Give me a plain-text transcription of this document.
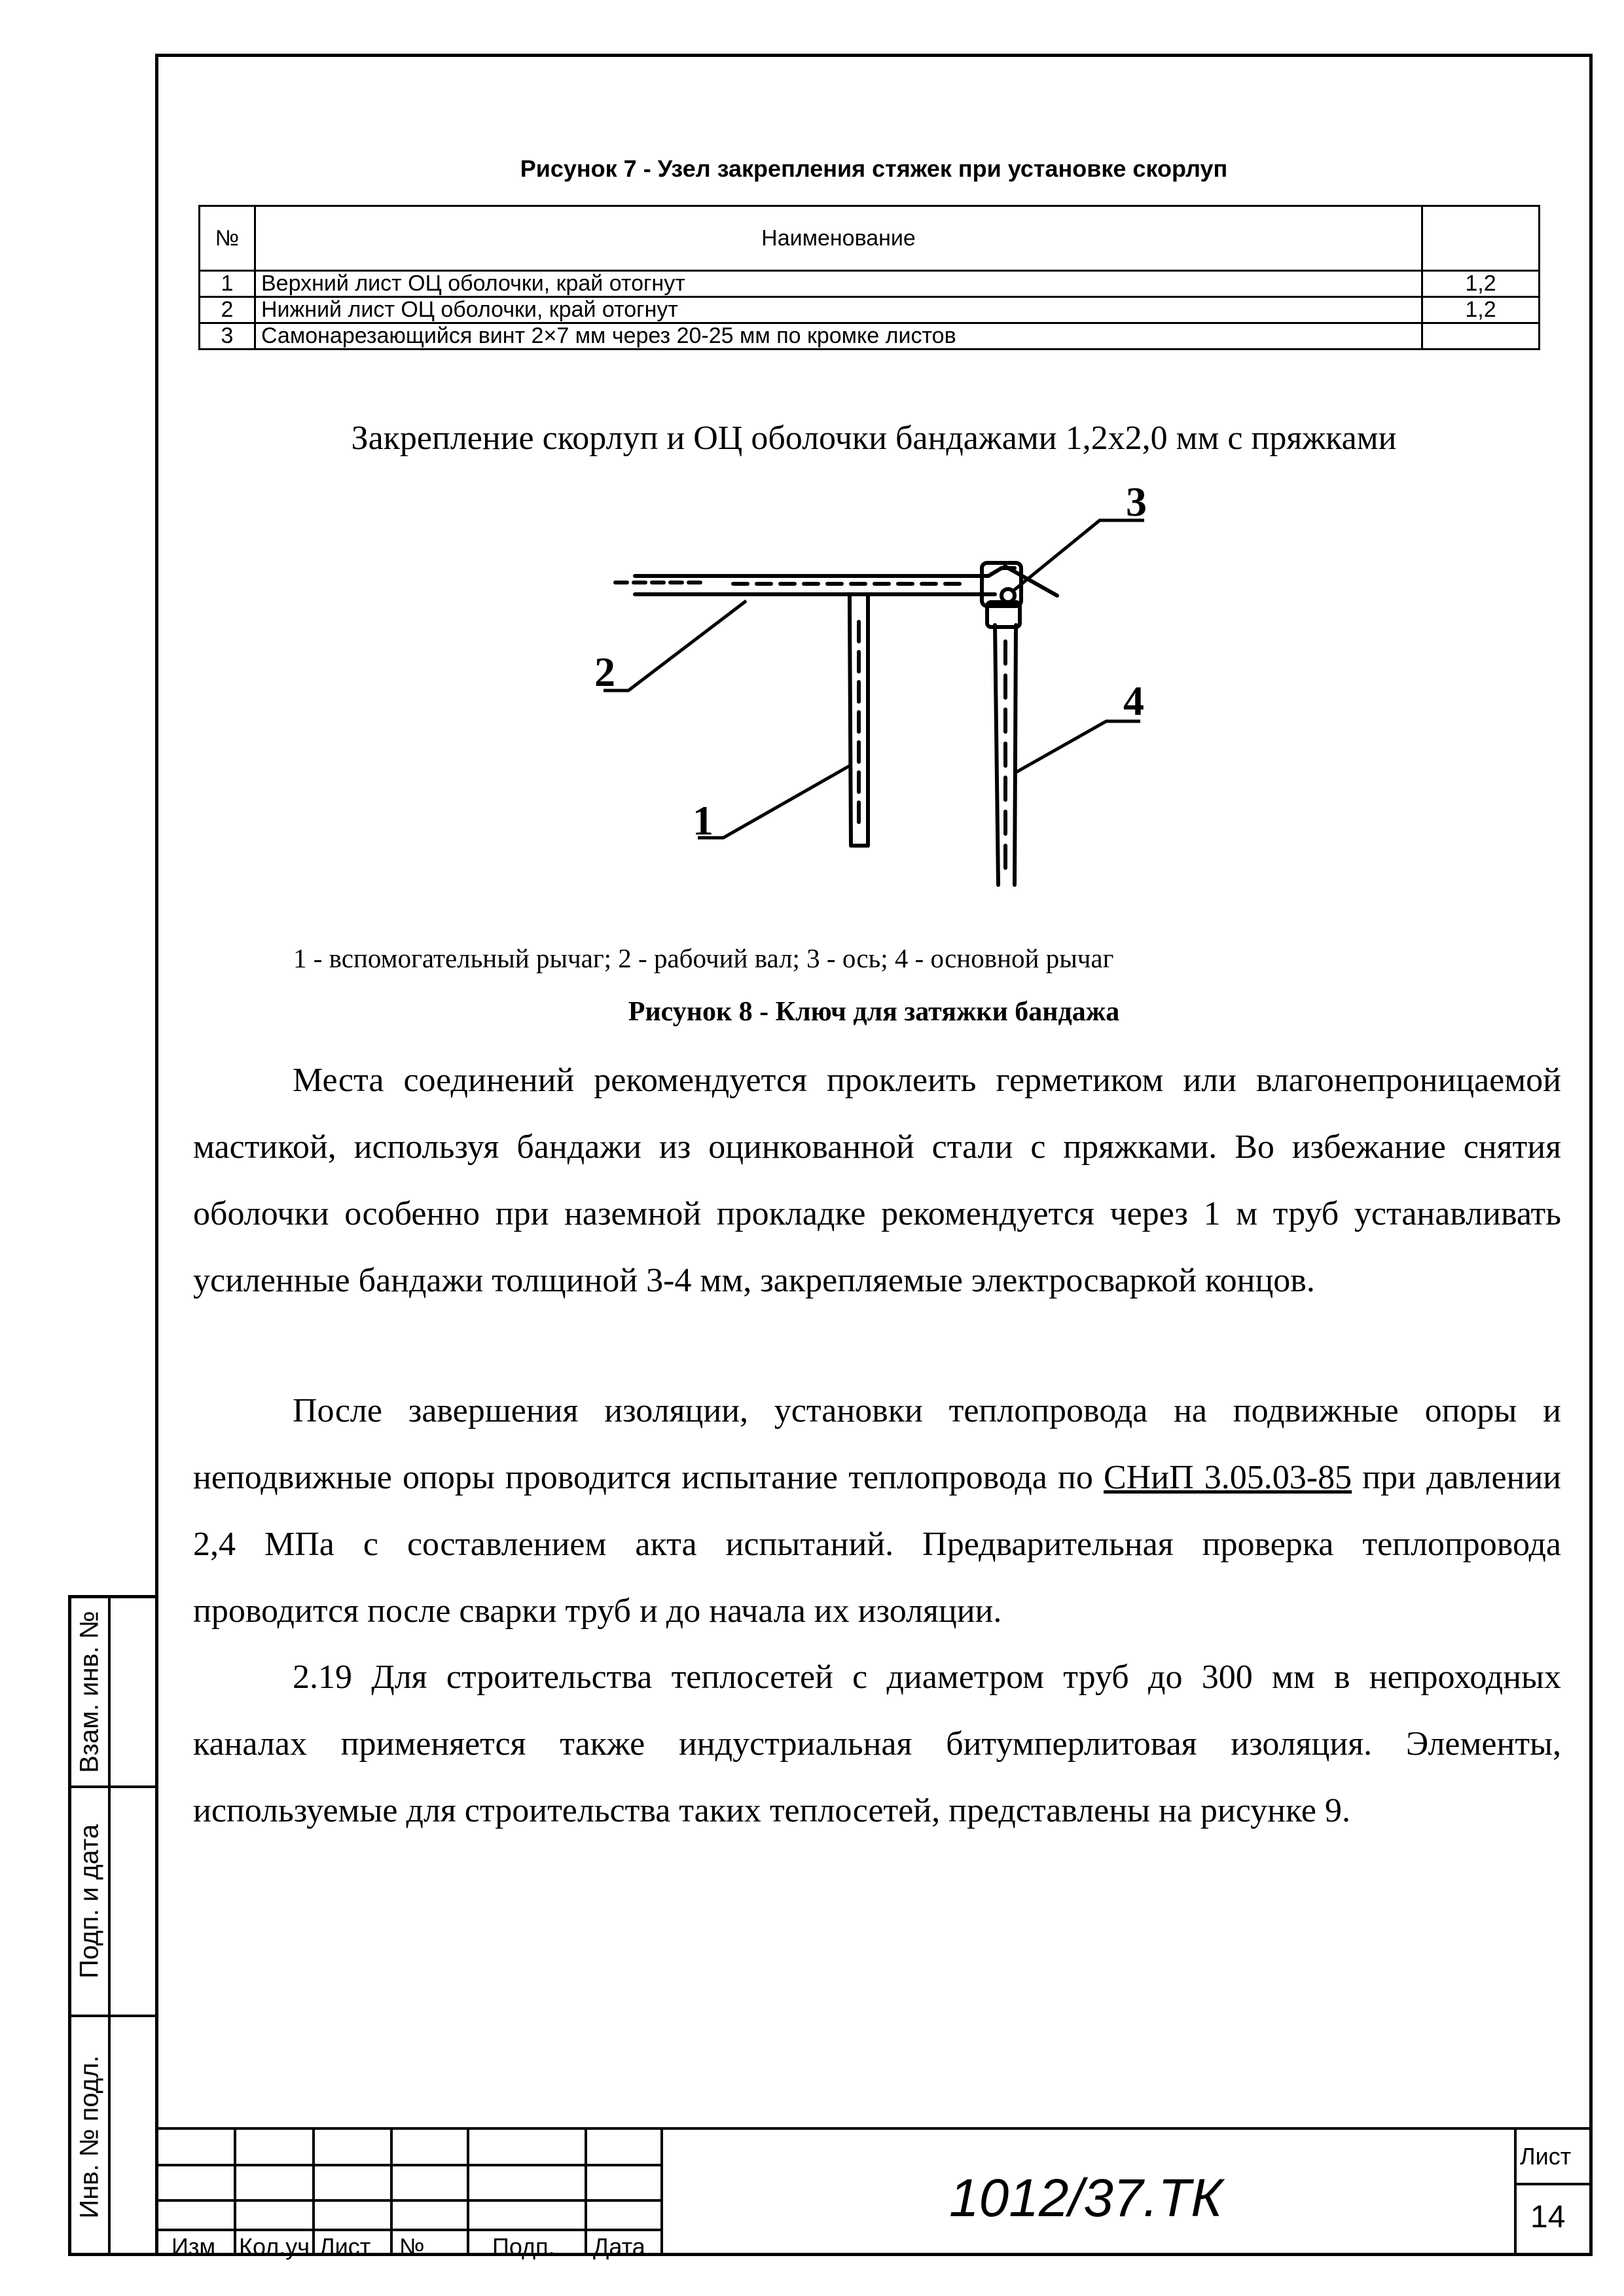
Взам. инв. №
Подп. и дата
Инв. № подл.
Рисунок 7 - Узел закрепления стяжек при установке скорлуп
№	Наименование	
1	Верхний лист ОЦ оболочки, край отогнут	1,2
2	Нижний лист ОЦ оболочки, край отогнут	1,2
3	Самонарезающийся винт 2×7 мм через 20-25 мм по кромке листов	
Закрепление скорлуп и ОЦ оболочки бандажами 1,2x2,0 мм с пряжками
1
2
3
4
1 - вспомогательный рычаг; 2 - рабочий вал; 3 - ось; 4 - основной рычаг
Рисунок 8 - Ключ для затяжки бандажа
Места соединений рекомендуется проклеить герметиком или влагонепроницаемой мастикой, используя бандажи из оцинкованной стали с пряжками. Во избежание снятия оболочки особенно при наземной прокладке рекомендуется через 1 м труб устанавливать усиленные бандажи толщиной 3-4 мм, закрепляемые электросваркой концов.
После завершения изоляции, установки теплопровода на подвижные опоры и неподвижные опоры проводится испытание теплопровода по СНиП 3.05.03-85 при давлении 2,4 МПа с составлением акта испытаний. Предварительная проверка теплопровода проводится после сварки труб и до начала их изоляции.
2.19 Для строительства теплосетей с диаметром труб до 300 мм в непроходных каналах применяется также индустриальная битумперлитовая изоляция. Элементы, используемые для строительства таких теплосетей, представлены на рисунке 9.
Изм Кол.уч Лист №	Подп. Дата
1012/37.ТК
Лист
14
